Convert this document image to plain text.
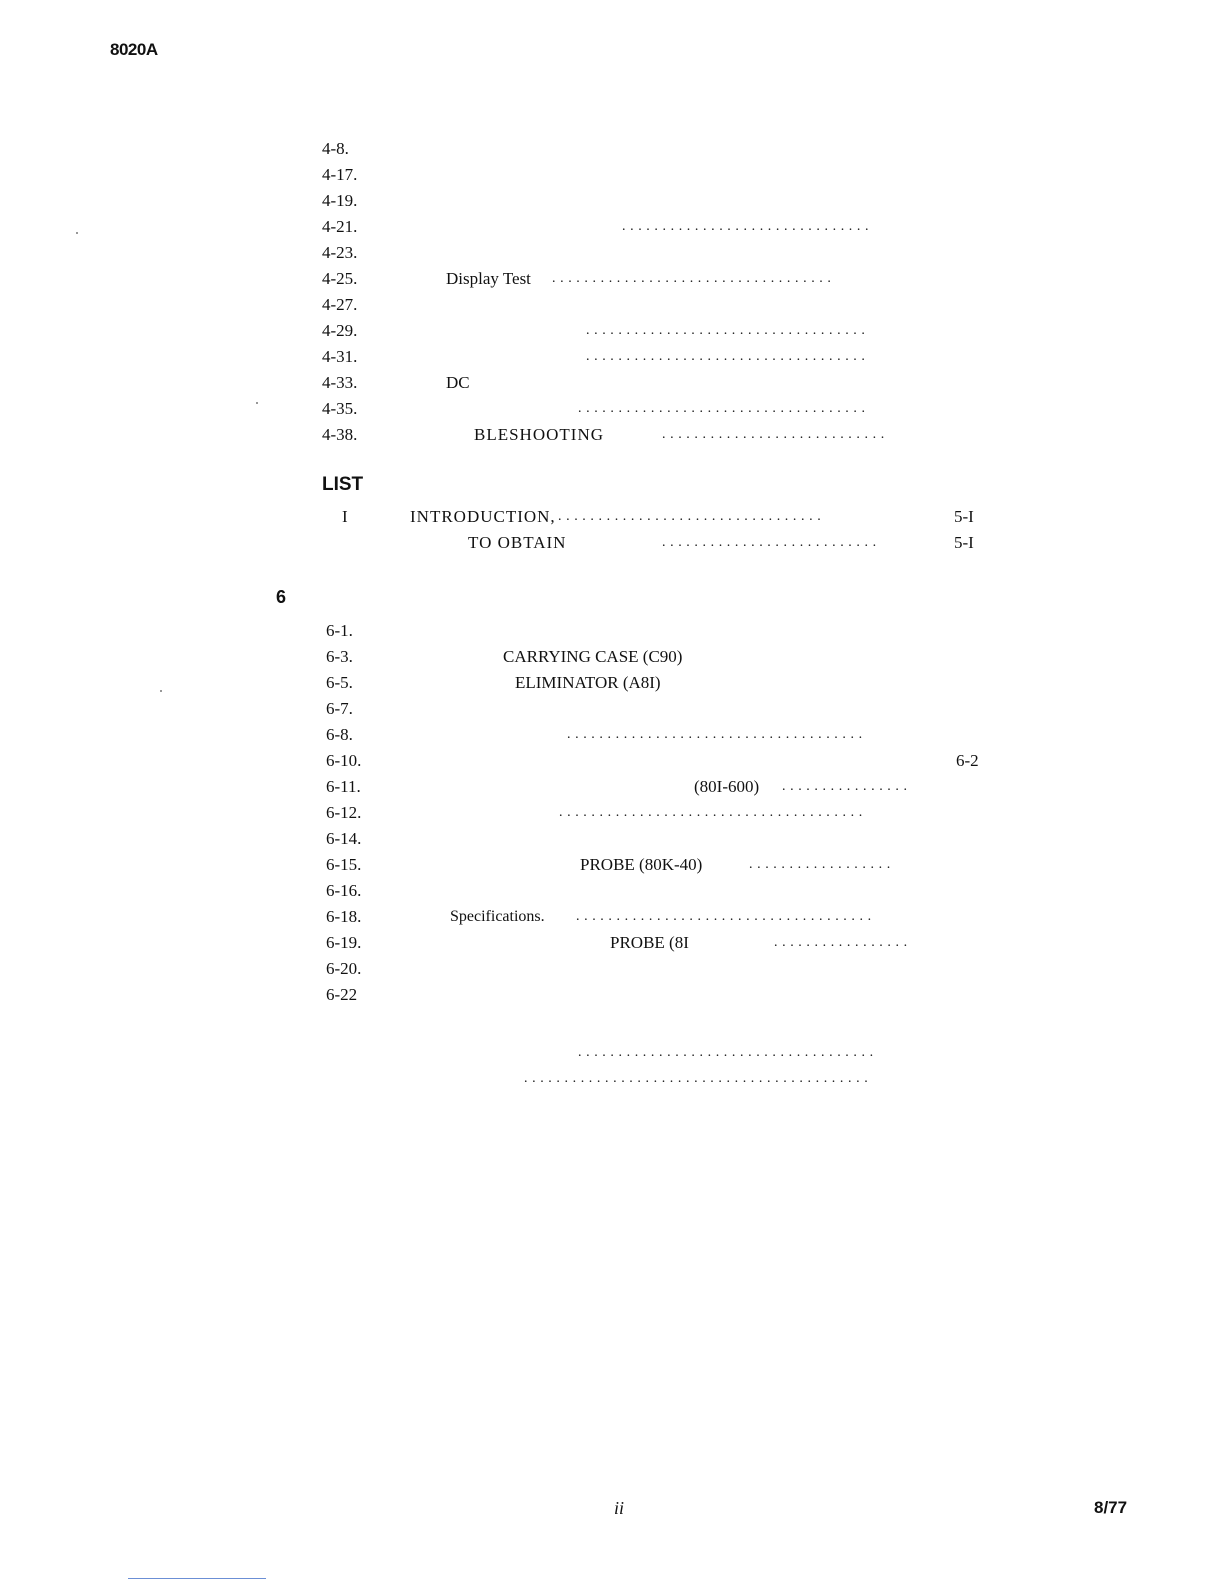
8020A
4-8.
4-17.
4-19.
4-21.	...............................
4-23.
4-25.	Display Test ...................................
4-27.
4-29.	...................................
4-31.	...................................
4-33.	DC
4-35.	....................................
4-38.	BLESHOOTING	............................
LIST
I	INTRODUCTION, .................................	5-I
TO OBTAIN	...........................	5-I
6
6-1.
6-3.	CARRYING CASE (C90)
6-5.	ELIMINATOR (A8I)
6-7.
6-8.	.....................................
6-10.	6-2
6-11.	(80I-600) ................
6-12.	......................................
6-14.
6-15.	PROBE (80K-40)	..................
6-16.
6-18.	Specifications. .....................................
6-19.	PROBE (8I	.................
6-20.
6-22
.....................................
...........................................
ii	8/77
